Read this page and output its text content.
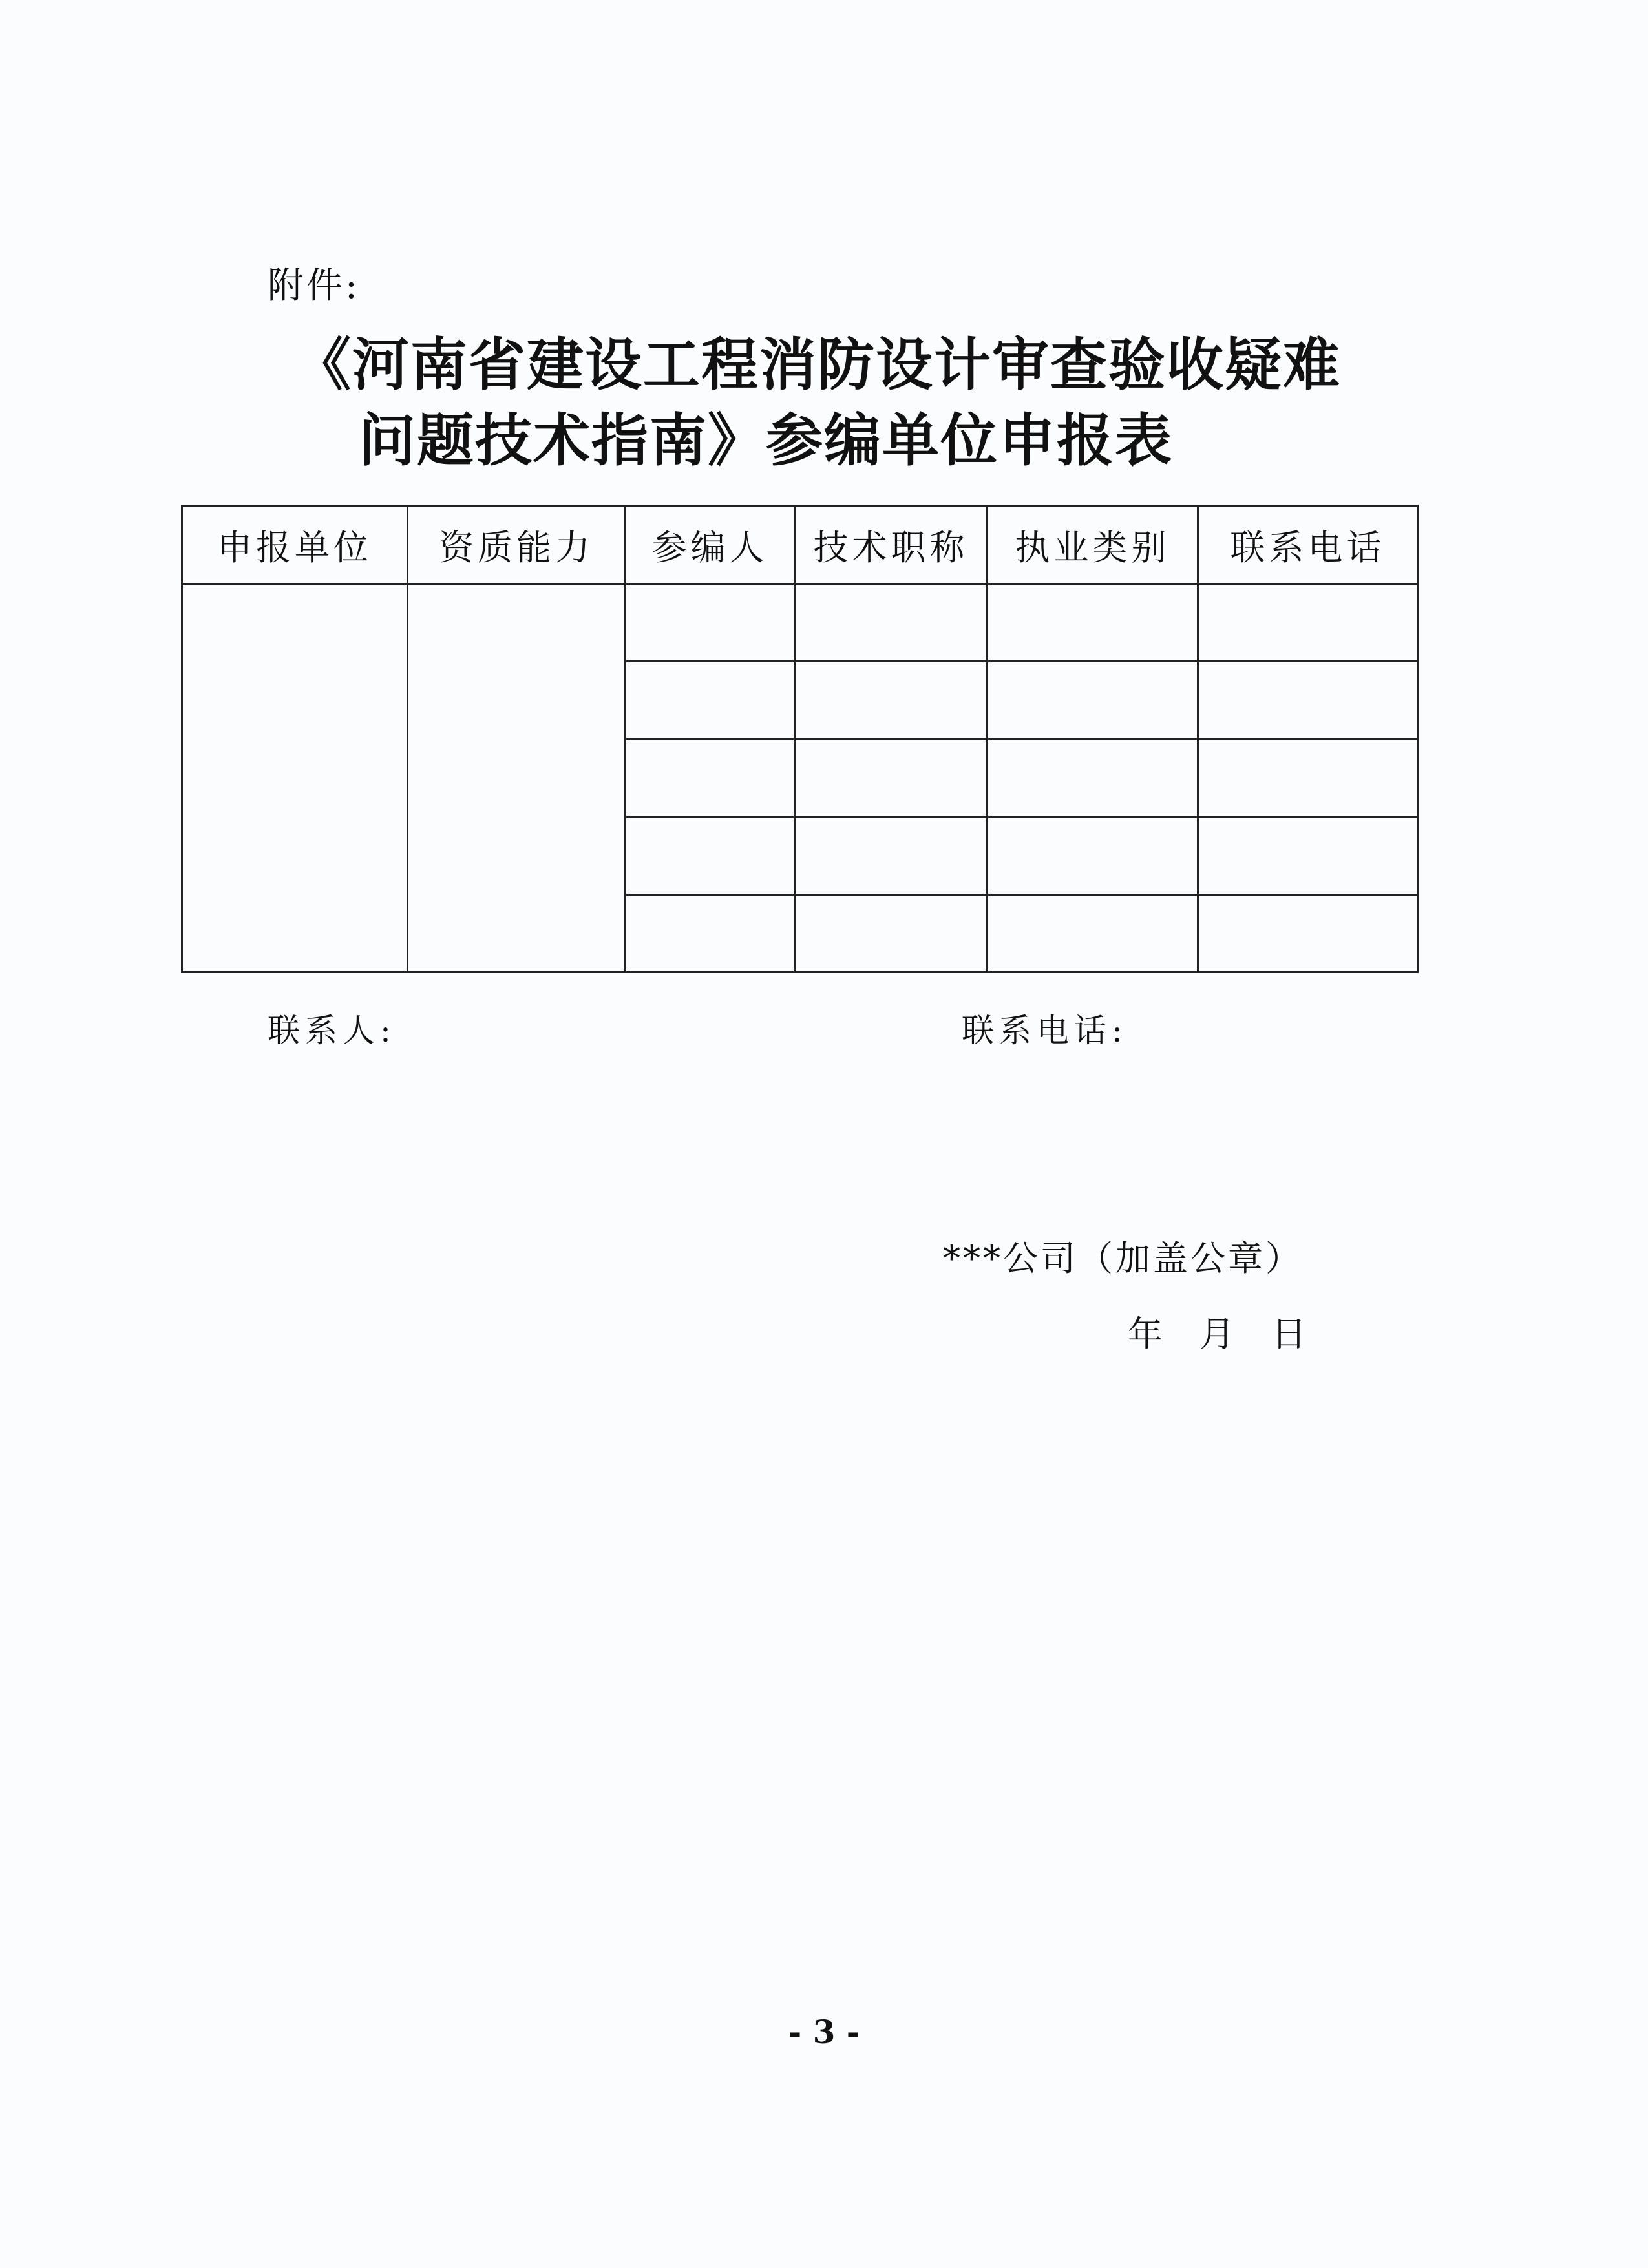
附件:
《河南省建设工程消防设计审查验收疑难
问题技术指南》参编单位申报表
申报单位	资质能力	参编人	技术职称	执业类别	联系电话

联系人:	联系电话:
***公司（加盖公章）
年 月 日
- 3 -
